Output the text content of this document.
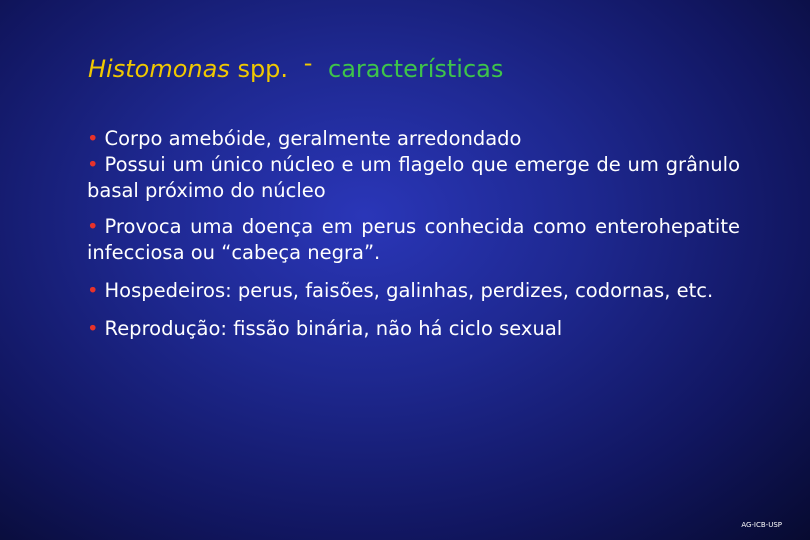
Histomonas spp. - características
• Corpo amebóide, geralmente arredondado
• Possui um único núcleo e um flagelo que emerge de um grânulo basal próximo do núcleo
• Provoca uma doença em perus conhecida como enterohepatite infecciosa ou “cabeça negra”.
• Hospedeiros: perus, faisões, galinhas, perdizes, codornas, etc.
• Reprodução: fissão binária, não há ciclo sexual
AG-ICB-USP
